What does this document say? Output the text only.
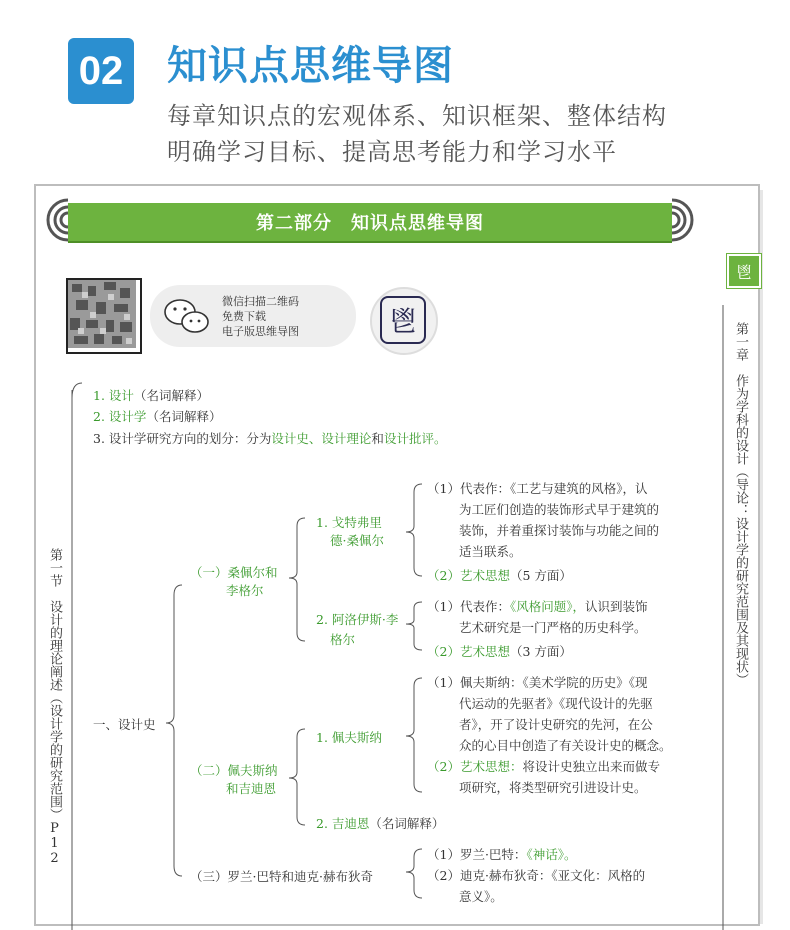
02 知识点思维导图
每章知识点的宏观体系、知识框架、整体结构
明确学习目标、提高思考能力和学习水平
第二部分　知识点思维导图
微信扫描二维码
免费下载
电子版思维导图	鬯
鬯
第一章　作为学科的设计（导论：设计学的研究范围及其现状）
第一节　设计的理论阐述（设计学的研究范围）P12
1. 设计（名词解释）
2. 设计学（名词解释）
3. 设计学研究方向的划分：分为设计史、设计理论和设计批评。
一、设计史
（一）桑佩尔和
李格尔
1. 戈特弗里
德·桑佩尔
（1）代表作：《工艺与建筑的风格》，认
为工匠们创造的装饰形式早于建筑的
装饰，并着重探讨装饰与功能之间的
适当联系。
（2）艺术思想（5 方面）
2. 阿洛伊斯·李
格尔
（1）代表作：《风格问题》，认识到装饰
艺术研究是一门严格的历史科学。
（2）艺术思想（3 方面）
（二）佩夫斯纳
和吉迪恩
1. 佩夫斯纳
（1）佩夫斯纳：《美术学院的历史》《现
代运动的先驱者》《现代设计的先驱
者》，开了设计史研究的先河，在公
众的心目中创造了有关设计史的概念。
（2）艺术思想：将设计史独立出来而做专
项研究，将类型研究引进设计史。
2. 吉迪恩（名词解释）
（三）罗兰·巴特和迪克·赫布狄奇
（1）罗兰·巴特：《神话》。
（2）迪克·赫布狄奇：《亚文化：风格的
意义》。
